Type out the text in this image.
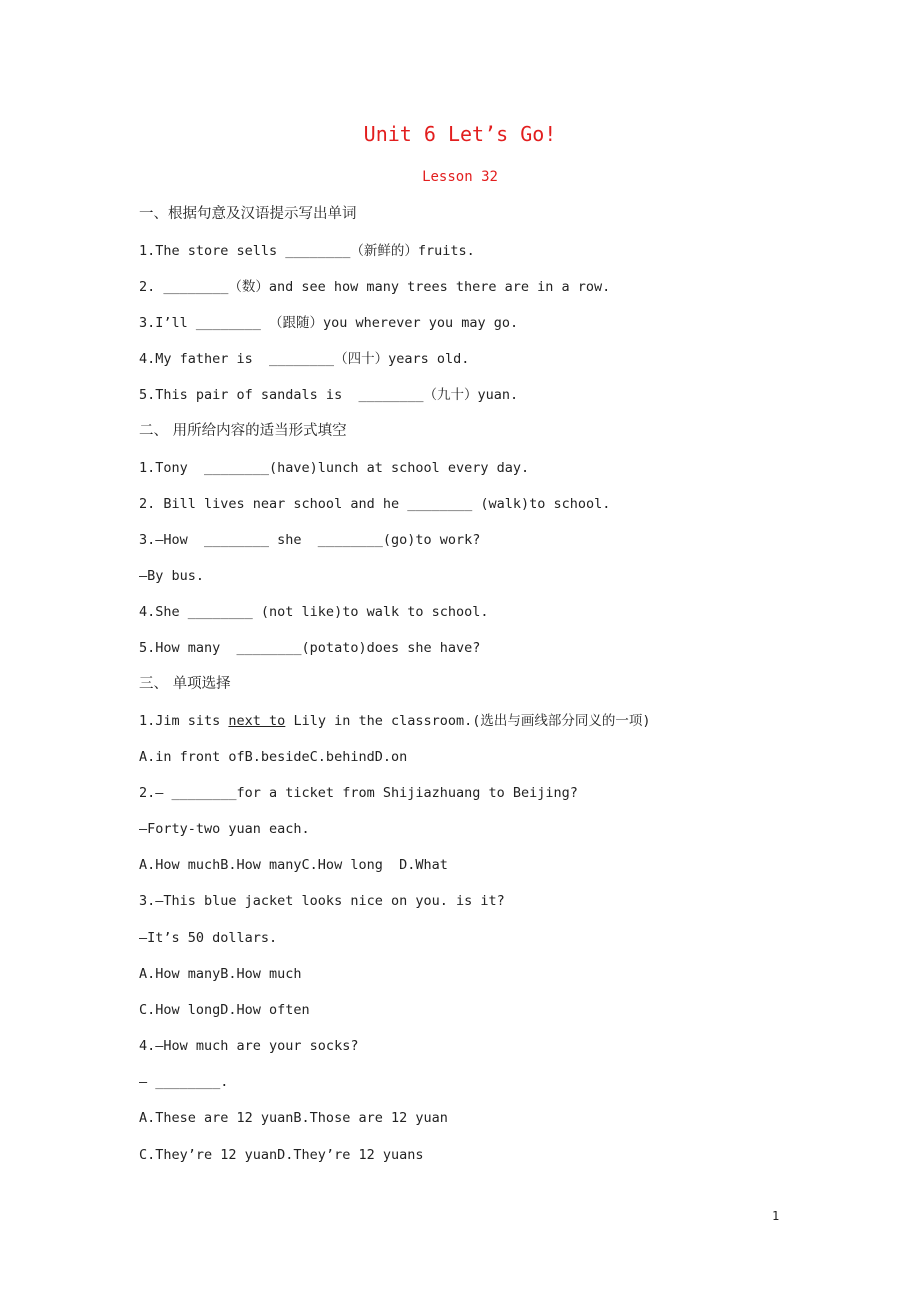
Unit 6 Let’s Go!
Lesson 32
一、根据句意及汉语提示写出单词
1.The store sells ________（新鲜的）fruits.
2. ________（数）and see how many trees there are in a row.
3.I’ll ________ （跟随）you wherever you may go.
4.My father is  ________（四十）years old.
5.This pair of sandals is  ________（九十）yuan.
二、 用所给内容的适当形式填空
1.Tony  ________(have)lunch at school every day.
2. Bill lives near school and he ________ (walk)to school.
3.—How  ________ she  ________(go)to work?
—By bus.
4.She ________ (not like)to walk to school.
5.How many  ________(potato)does she have?
三、 单项选择
1.Jim sits next to Lily in the classroom.(选出与画线部分同义的一项)
A.in front ofB.besideC.behindD.on
2.— ________for a ticket from Shijiazhuang to Beijing?
—Forty-two yuan each.
A.How muchB.How manyC.How long  D.What
3.—This blue jacket looks nice on you. is it?
—It’s 50 dollars.
A.How manyB.How much
C.How longD.How often
4.—How much are your socks?
— ________.
A.These are 12 yuanB.Those are 12 yuan
C.They’re 12 yuanD.They’re 12 yuans
1
